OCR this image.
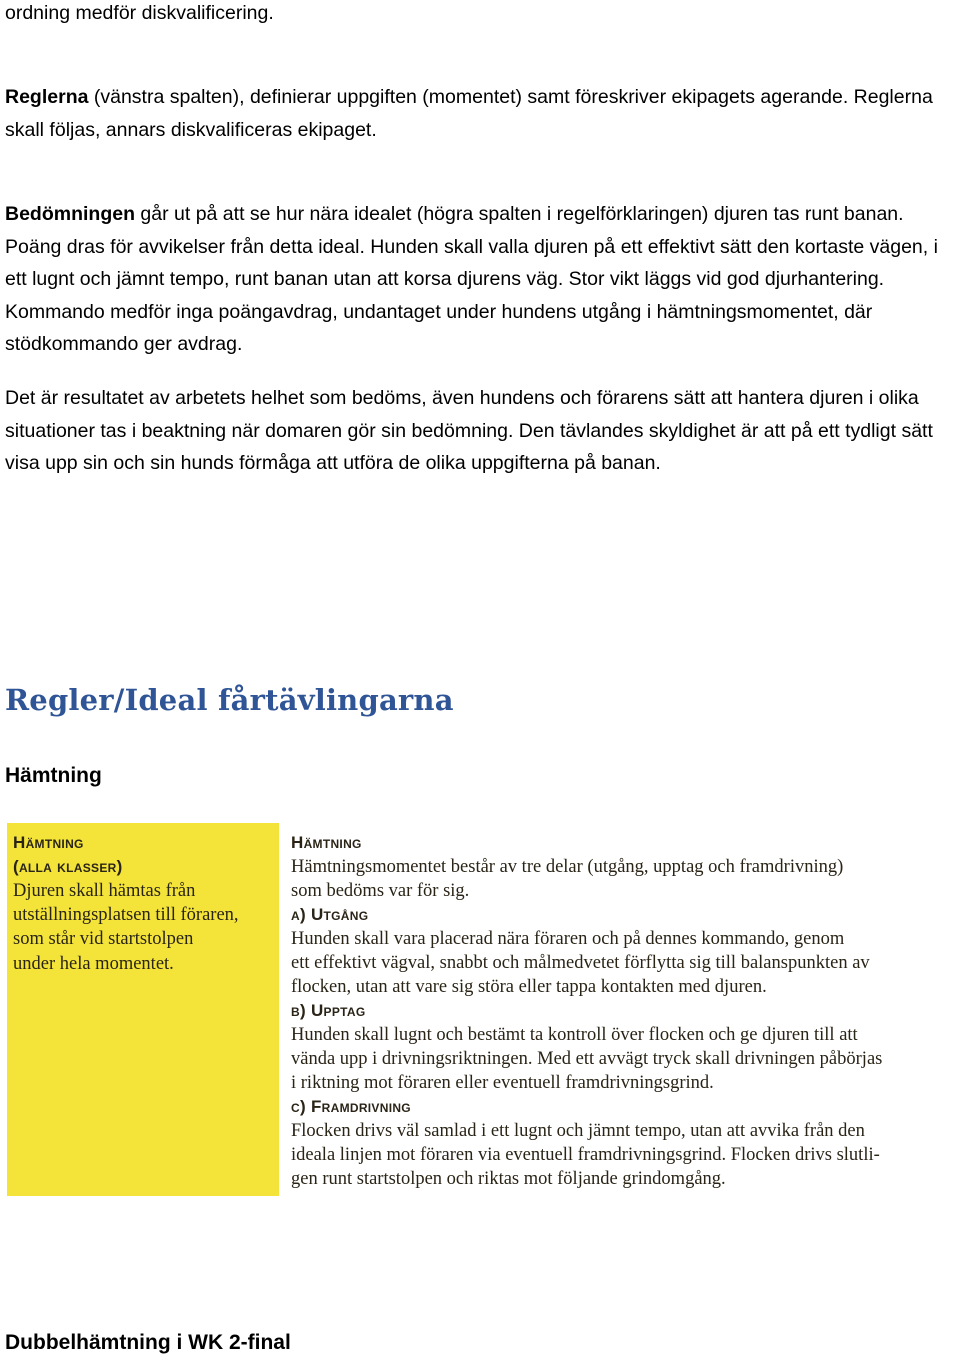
ordning medför diskvalificering.

Reglerna (vänstra spalten), definierar uppgiften (momentet) samt föreskriver ekipagets agerande. Reglerna skall följas, annars diskvalificeras ekipaget.

Bedömningen går ut på att se hur nära idealet (högra spalten i regelförklaringen) djuren tas runt banan. Poäng dras för avvikelser från detta ideal. Hunden skall valla djuren på ett effektivt sätt den kortaste vägen, i ett lugnt och jämnt tempo, runt banan utan att korsa djurens väg. Stor vikt läggs vid god djurhantering. Kommando medför inga poängavdrag, undantaget under hundens utgång i hämtningsmomentet, där stödkommando ger avdrag.

Det är resultatet av arbetets helhet som bedöms, även hundens och förarens sätt att hantera djuren i olika situationer tas i beaktning när domaren gör sin bedömning. Den tävlandes skyldighet är att på ett tydligt sätt visa upp sin och sin hunds förmåga att utföra de olika uppgifterna på banan.

Regler/Ideal fårtävlingarna
Hämtning
Hämtning
(alla klasser)
Djuren skall hämtas från
utställningsplatsen till föraren,
som står vid startstolpen
under hela momentet.
Hämtning
Hämtningsmomentet består av tre delar (utgång, upptag och framdrivning)
som bedöms var för sig.
a) Utgång
Hunden skall vara placerad nära föraren och på dennes kommando, genom
ett effektivt vägval, snabbt och målmedvetet förflytta sig till balanspunkten av
flocken, utan att vare sig störa eller tappa kontakten med djuren.
b) Upptag
Hunden skall lugnt och bestämt ta kontroll över flocken och ge djuren till att
vända upp i drivningsriktningen. Med ett avvägt tryck skall drivningen påbörjas
i riktning mot föraren eller eventuell framdrivningsgrind.
c) Framdrivning
Flocken drivs väl samlad i ett lugnt och jämnt tempo, utan att avvika från den
ideala linjen mot föraren via eventuell framdrivningsgrind. Flocken drivs slutli-
gen runt startstolpen och riktas mot följande grindomgång.
Dubbelhämtning i WK 2-final
